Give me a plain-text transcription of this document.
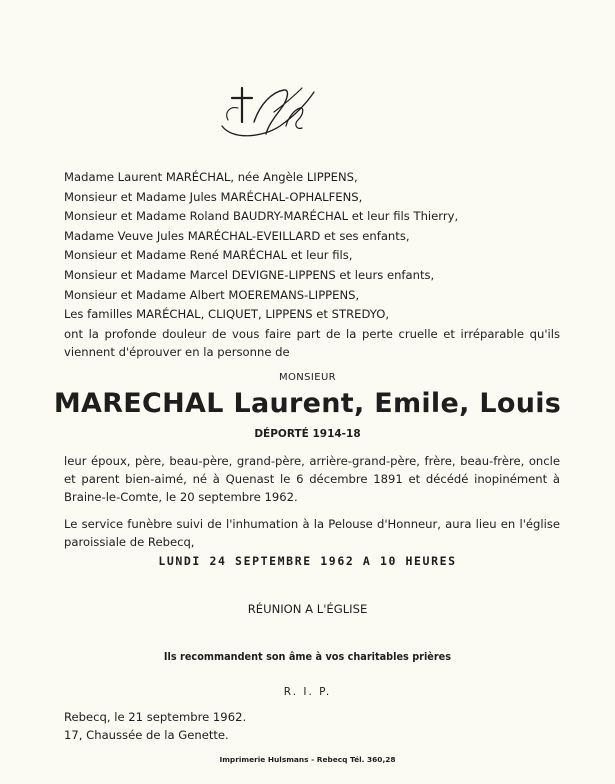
Madame Laurent MARÉCHAL, née Angèle LIPPENS,
Monsieur et Madame Jules MARÉCHAL-OPHALFENS,
Monsieur et Madame Roland BAUDRY-MARÉCHAL et leur fils Thierry,
Madame Veuve Jules MARÉCHAL-EVEILLARD et ses enfants,
Monsieur et Madame René MARÉCHAL et leur fils,
Monsieur et Madame Marcel DEVIGNE-LIPPENS et leurs enfants,
Monsieur et Madame Albert MOEREMANS-LIPPENS,
Les familles MARÉCHAL, CLIQUET, LIPPENS et STREDYO,
ont la profonde douleur de vous faire part de la perte cruelle et irréparable qu'ils viennent d'éprouver en la personne de
MONSIEUR
MARECHAL Laurent, Emile, Louis
DÉPORTÉ 1914-18
leur époux, père, beau-père, grand-père, arrière-grand-père, frère, beau-frère, oncle et parent bien-aimé, né à Quenast le 6 décembre 1891 et décédé inopinément à Braine-le-Comte, le 20 septembre 1962.
Le service funèbre suivi de l'inhumation à la Pelouse d'Honneur, aura lieu en l'église paroissiale de Rebecq,
LUNDI 24 SEPTEMBRE 1962 A 10 HEURES
RÉUNION A L'ÉGLISE
Ils recommandent son âme à vos charitables prières
R. I. P.
Rebecq, le 21 septembre 1962.
17, Chaussée de la Genette.
Imprimerie Hulsmans - Rebecq Tél. 360,28
